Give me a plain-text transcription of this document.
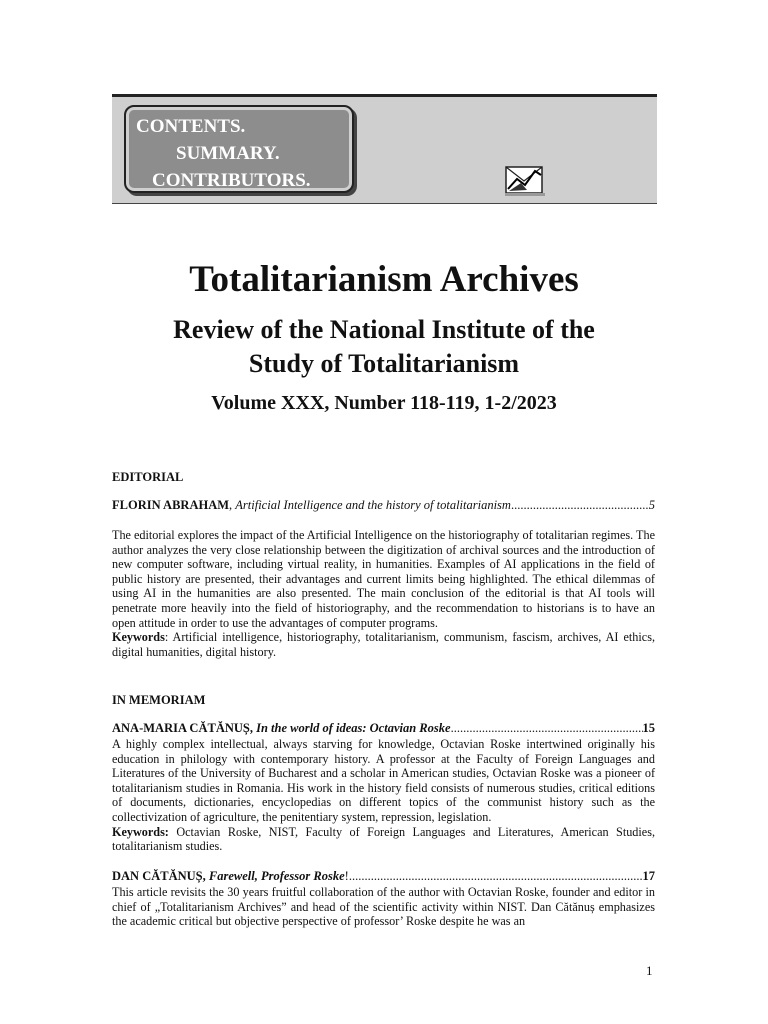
CONTENTS.
SUMMARY.
CONTRIBUTORS.
Totalitarianism Archives
Review of the National Institute of the
Study of Totalitarianism
Volume XXX, Number 118-119, 1-2/2023
EDITORIAL
FLORIN ABRAHAM , Artificial Intelligence and the history of totalitarianism .....	5
The editorial explores the impact of the Artificial Intelligence on the historiography of totalitarian regimes. The author analyzes the very close relationship between the digitization of archival sources and the introduction of new computer software, including virtual reality, in humanities. Examples of AI applications in the field of public history are presented, their advantages and current limits being highlighted. The ethical dilemmas of using AI in the humanities are also presented. The main conclusion of the editorial is that AI tools will penetrate more heavily into the field of historiography, and the recommendation to historians is to have an open attitude in order to use the advantages of computer programs.
Keywords: Artificial intelligence, historiography, totalitarianism, communism, fascism, archives, AI ethics, digital humanities, digital history.
IN MEMORIAM
ANA-MARIA CĂTĂNUȘ, In the world of ideas: Octavian Roske .....	15
A highly complex intellectual, always starving for knowledge, Octavian Roske intertwined originally his education in philology with contemporary history. A professor at the Faculty of Foreign Languages and Literatures of the University of Bucharest and a scholar in American studies, Octavian Roske was a pioneer of totalitarianism studies in Romania. His work in the history field consists of numerous studies, critical editions of documents, dictionaries, encyclopedias on different topics of the communist history such as the collectivization of agriculture, the penitentiary system, repression, legislation.
Keywords: Octavian Roske, NIST, Faculty of Foreign Languages and Literatures, American Studies, totalitarianism studies.
DAN CĂTĂNUȘ, Farewell, Professor Roske ! .....	17
This article revisits the 30 years fruitful collaboration of the author with Octavian Roske, founder and editor in chief of „Totalitarianism Archives” and head of the scientific activity within NIST. Dan Cătănuș emphasizes the academic critical but objective perspective of professor’ Roske despite he was an
1
